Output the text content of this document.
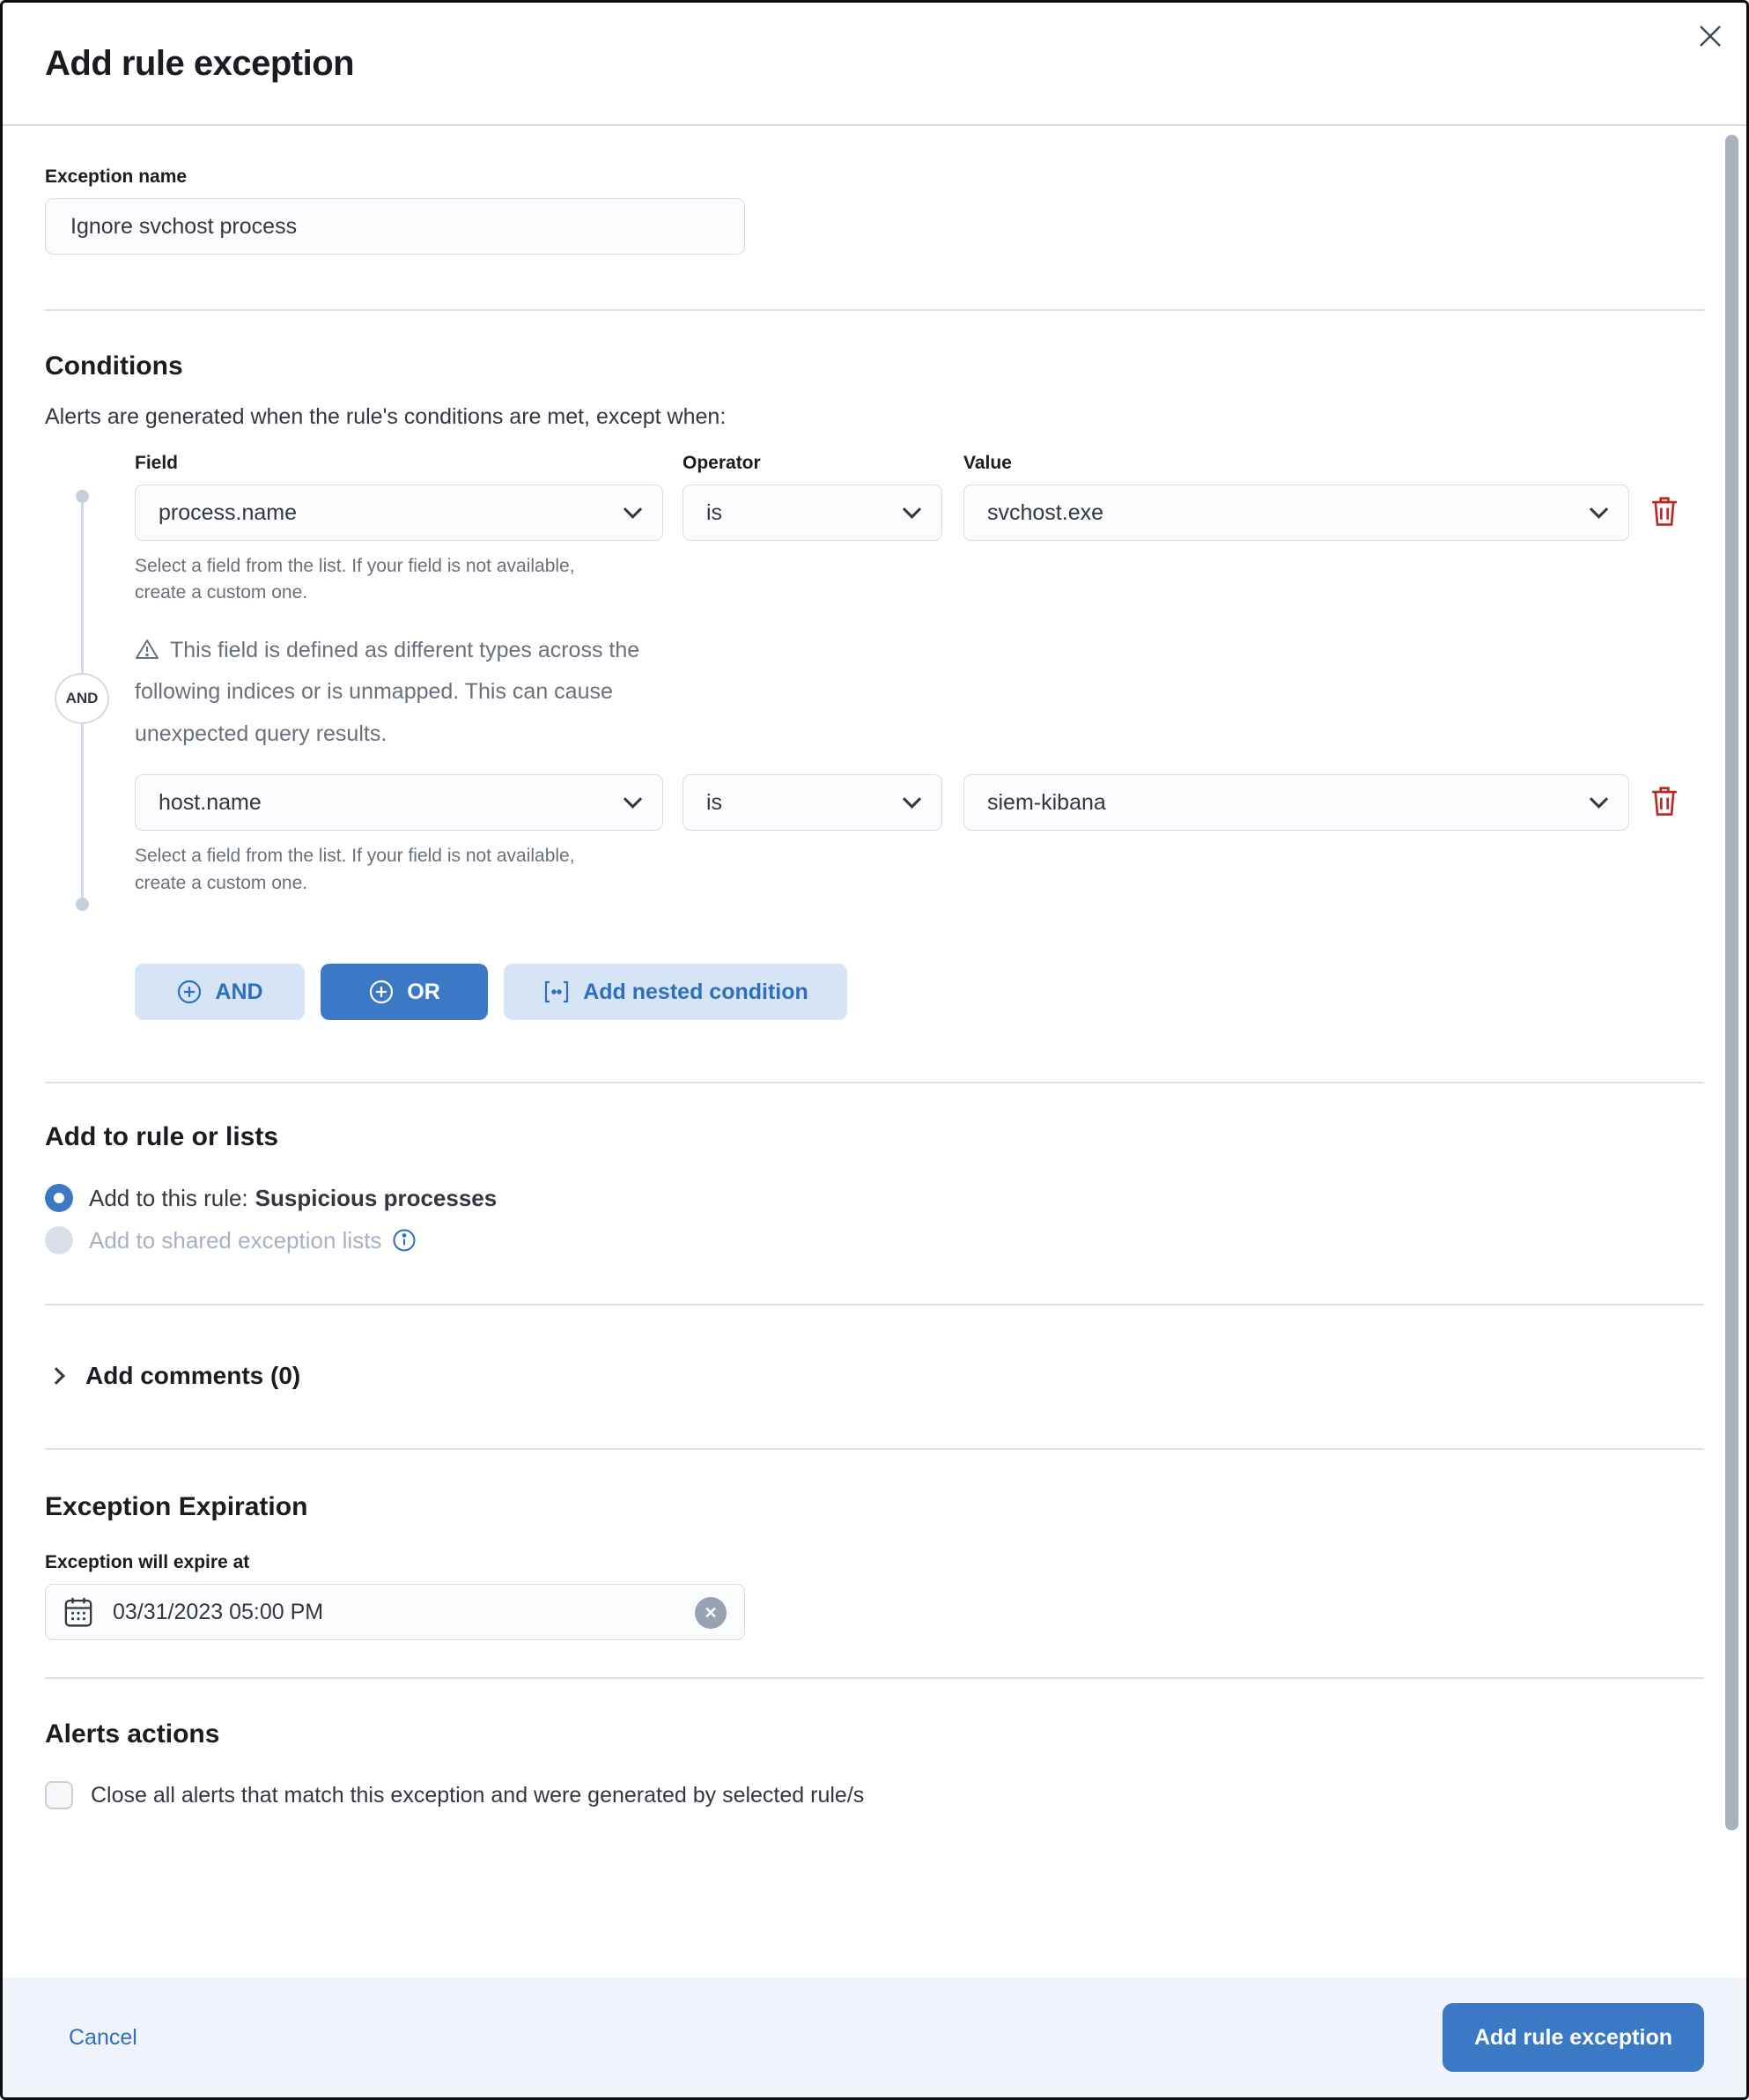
Add rule exception
Exception name
Ignore svchost process
Conditions

Alerts are generated when the rule's conditions are met, except when:

AND
Field	Operator	Value
process.name	is	svchost.exe
Select a field from the list. If your field is not available, create a custom one.
This field is defined as different types across the following indices or is unmapped. This can cause unexpected query results.
host.name	is	siem-kibana
Select a field from the list. If your field is not available, create a custom one.
AND	OR	Add nested condition
Add to rule or lists
Add to this rule: Suspicious processes
Add to shared exception lists
Add comments (0)
Exception Expiration
Exception will expire at
03/31/2023 05:00 PM	✕
Alerts actions
Close all alerts that match this exception and were generated by selected rule/s
Cancel	Add rule exception
